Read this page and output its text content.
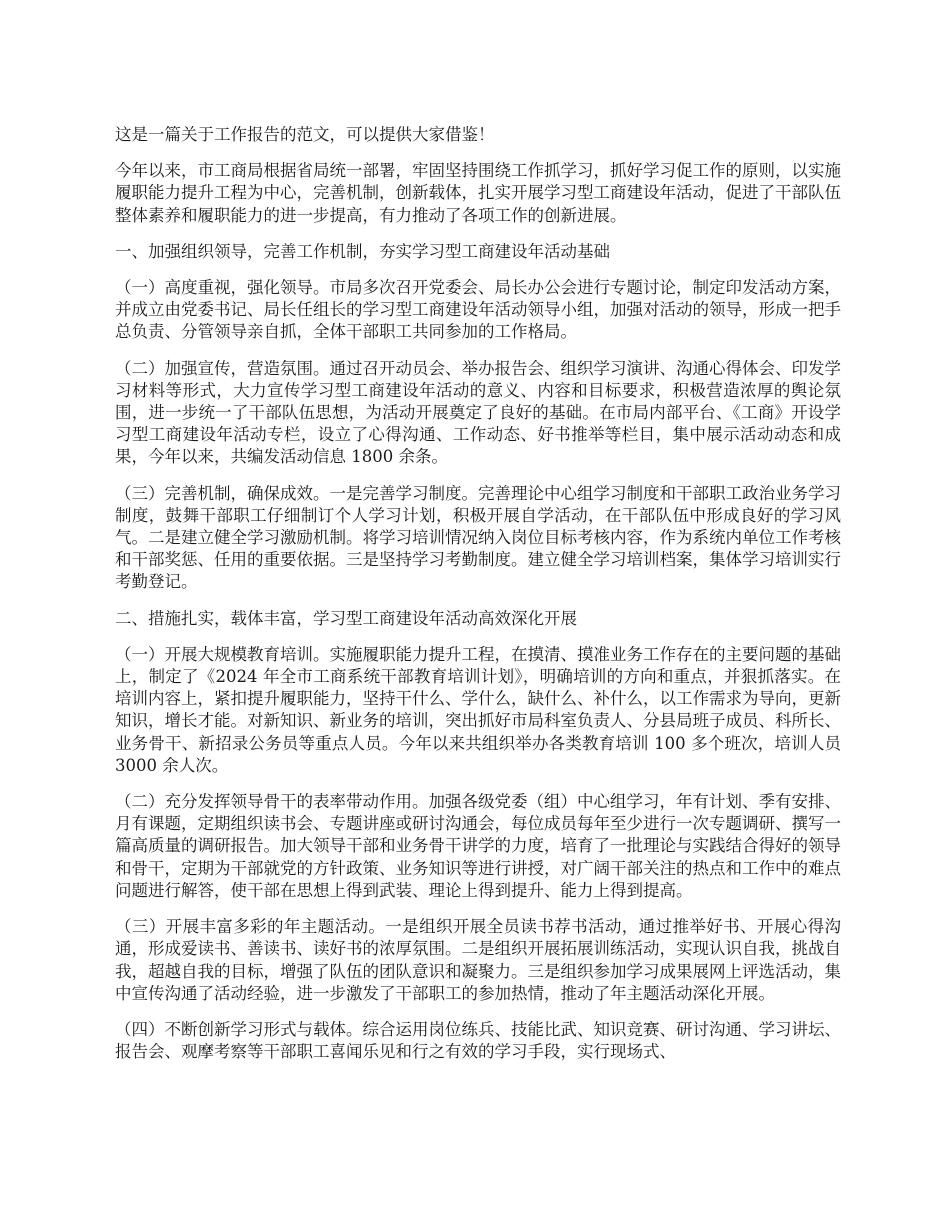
这是一篇关于工作报告的范文，可以提供大家借鉴！

今年以来，市工商局根据省局统一部署，牢固坚持围绕工作抓学习，抓好学习促工作的原则，以实施履职能力提升工程为中心，完善机制，创新载体，扎实开展学习型工商建设年活动，促进了干部队伍整体素养和履职能力的进一步提高，有力推动了各项工作的创新进展。

一、加强组织领导，完善工作机制，夯实学习型工商建设年活动基础

（一）高度重视，强化领导。市局多次召开党委会、局长办公会进行专题讨论，制定印发活动方案，并成立由党委书记、局长任组长的学习型工商建设年活动领导小组，加强对活动的领导，形成一把手总负责、分管领导亲自抓，全体干部职工共同参加的工作格局。

（二）加强宣传，营造氛围。通过召开动员会、举办报告会、组织学习演讲、沟通心得体会、印发学习材料等形式，大力宣传学习型工商建设年活动的意义、内容和目标要求，积极营造浓厚的舆论氛围，进一步统一了干部队伍思想，为活动开展奠定了良好的基础。在市局内部平台、《工商》开设学习型工商建设年活动专栏，设立了心得沟通、工作动态、好书推举等栏目，集中展示活动动态和成果，今年以来，共编发活动信息 1800 余条。

（三）完善机制，确保成效。一是完善学习制度。完善理论中心组学习制度和干部职工政治业务学习制度，鼓舞干部职工仔细制订个人学习计划，积极开展自学活动，在干部队伍中形成良好的学习风气。二是建立健全学习激励机制。将学习培训情况纳入岗位目标考核内容，作为系统内单位工作考核和干部奖惩、任用的重要依据。三是坚持学习考勤制度。建立健全学习培训档案，集体学习培训实行考勤登记。

二、措施扎实，载体丰富，学习型工商建设年活动高效深化开展

（一）开展大规模教育培训。实施履职能力提升工程，在摸清、摸准业务工作存在的主要问题的基础上，制定了《2024 年全市工商系统干部教育培训计划》，明确培训的方向和重点，并狠抓落实。在培训内容上，紧扣提升履职能力，坚持干什么、学什么，缺什么、补什么，以工作需求为导向，更新知识，增长才能。对新知识、新业务的培训，突出抓好市局科室负责人、分县局班子成员、科所长、业务骨干、新招录公务员等重点人员。今年以来共组织举办各类教育培训 100 多个班次，培训人员 3000 余人次。

（二）充分发挥领导骨干的表率带动作用。加强各级党委（组）中心组学习，年有计划、季有安排、月有课题，定期组织读书会、专题讲座或研讨沟通会，每位成员每年至少进行一次专题调研、撰写一篇高质量的调研报告。加大领导干部和业务骨干讲学的力度，培育了一批理论与实践结合得好的领导和骨干，定期为干部就党的方针政策、业务知识等进行讲授，对广阔干部关注的热点和工作中的难点问题进行解答，使干部在思想上得到武装、理论上得到提升、能力上得到提高。

（三）开展丰富多彩的年主题活动。一是组织开展全员读书荐书活动，通过推举好书、开展心得沟通，形成爱读书、善读书、读好书的浓厚氛围。二是组织开展拓展训练活动，实现认识自我，挑战自我，超越自我的目标，增强了队伍的团队意识和凝聚力。三是组织参加学习成果展网上评选活动，集中宣传沟通了活动经验，进一步激发了干部职工的参加热情，推动了年主题活动深化开展。

（四）不断创新学习形式与载体。综合运用岗位练兵、技能比武、知识竞赛、研讨沟通、学习讲坛、报告会、观摩考察等干部职工喜闻乐见和行之有效的学习手段，实行现场式、
